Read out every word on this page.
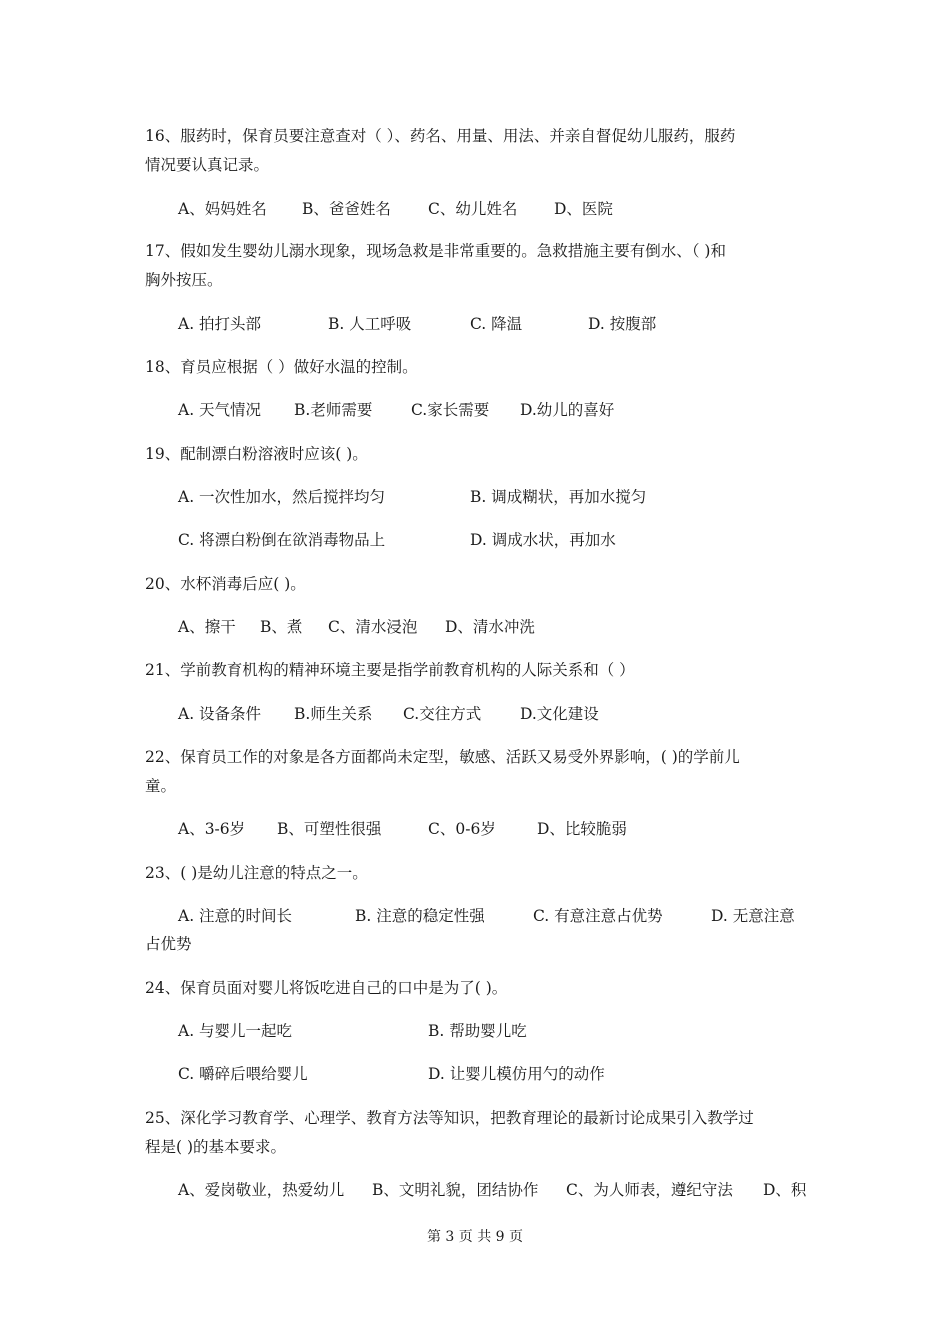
16、服药时，保育员要注意查对（ ）、药名、用量、用法、并亲自督促幼儿服药，服药
情况要认真记录。
A、妈妈姓名 B、爸爸姓名 C、幼儿姓名 D、医院
17、假如发生婴幼儿溺水现象，现场急救是非常重要的。急救措施主要有倒水、（ )和
胸外按压。
A. 拍打头部	B. 人工呼吸	C. 降温	D. 按腹部
18、育员应根据（ ）做好水温的控制。
A. 天气情况 B.老师需要 C.家长需要 D.幼儿的喜好
19、配制漂白粉溶液时应该( )。
A. 一次性加水，然后搅拌均匀	B. 调成糊状，再加水搅匀
C. 将漂白粉倒在欲消毒物品上	D. 调成水状，再加水
20、水杯消毒后应( )。
A、擦干 B、煮 C、清水浸泡 D、清水冲洗
21、学前教育机构的精神环境主要是指学前教育机构的人际关系和（ ）
A. 设备条件 B.师生关系 C.交往方式	D.文化建设
22、保育员工作的对象是各方面都尚未定型，敏感、活跃又易受外界影响，( )的学前儿
童。
A、3-6岁 B、可塑性很强	C、0-6岁	D、比较脆弱
23、( )是幼儿注意的特点之一。
A. 注意的时间长	B. 注意的稳定性强	C. 有意注意占优势	D. 无意注意
占优势
24、保育员面对婴儿将饭吃进自己的口中是为了( )。
A. 与婴儿一起吃	B. 帮助婴儿吃
C. 嚼碎后喂给婴儿	D. 让婴儿模仿用勺的动作
25、深化学习教育学、心理学、教育方法等知识，把教育理论的最新讨论成果引入教学过
程是( )的基本要求。
A、爱岗敬业，热爱幼儿 B、文明礼貌，团结协作 C、为人师表，遵纪守法 D、积
第 3 页 共 9 页
